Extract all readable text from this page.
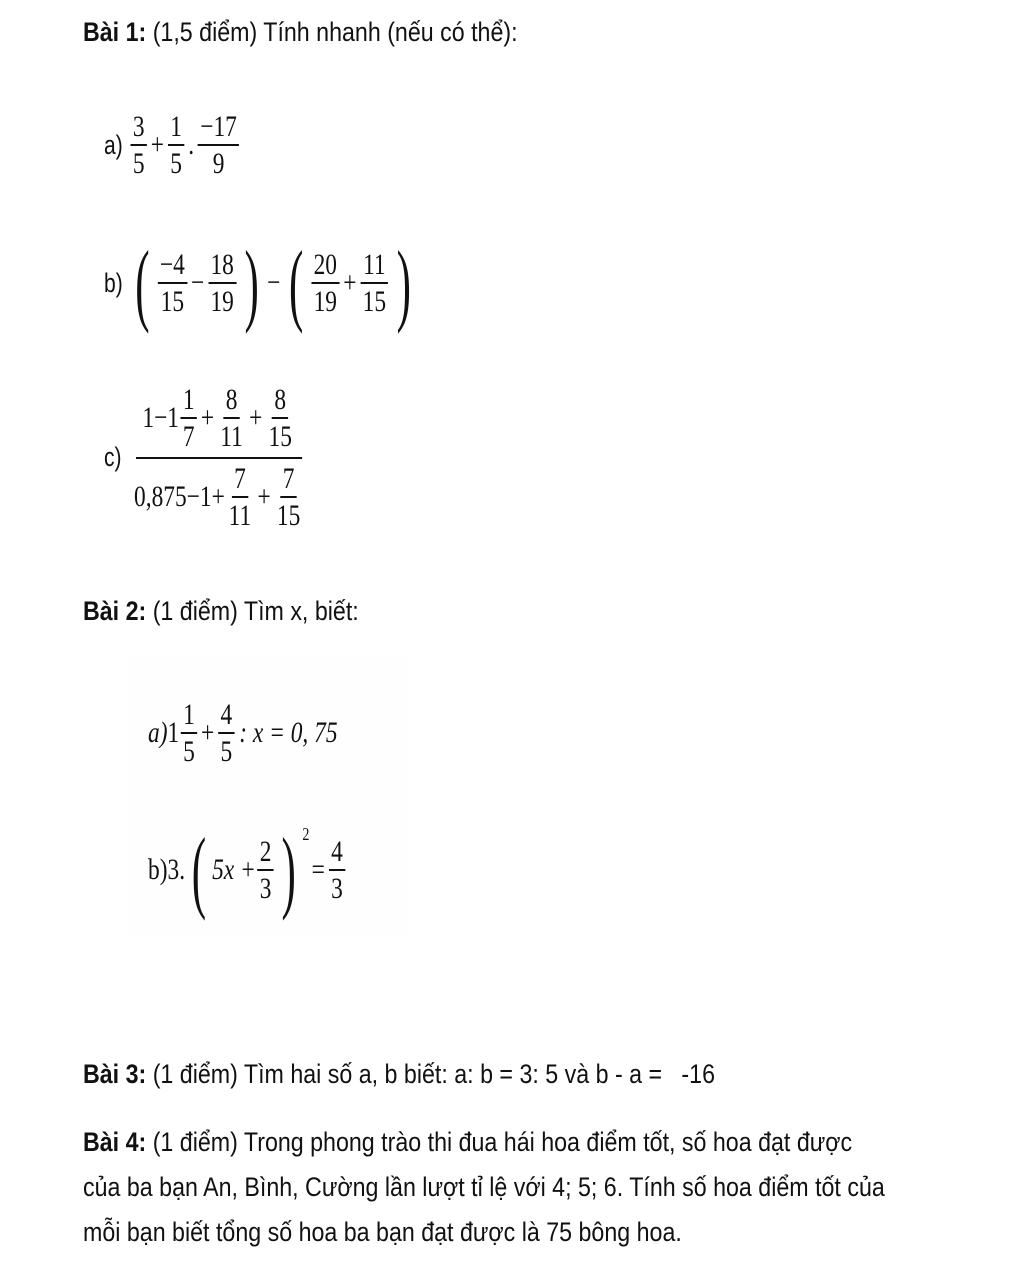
Bài 1: (1,5 điểm) Tính nhanh (nếu có thể):
$a) \frac{3}{5} + \frac{1}{5}$ . $\frac{-17}{9}$
b) ( $\frac{-4}{15} - \frac{18}{19}$ ) − ( $\frac{20}{19} + \frac{11}{15}$ )
$c) \frac{1-1 \frac{1}{7} + \frac{8}{11} + \frac{8}{15}}{0,875-1+ \frac{7}{11} + \frac{7}{15}}$
Bài 2: (1 điểm) Tìm x, biết:
a) $1 \frac{1}{5} + \frac{4}{5}$ : x = 0, 75
b)3. ( $5x + \frac{2}{3}$ ) 2
= $\frac{4}{3}$
Bài 3: (1 điểm) Tìm hai số a, b biết: a: b = 3: 5 và b - a =   -16
Bài 4: (1 điểm) Trong phong trào thi đua hái hoa điểm tốt, số hoa đạt được
của ba bạn An, Bình, Cường lần lượt tỉ lệ với 4; 5; 6. Tính số hoa điểm tốt của
mỗi bạn biết tổng số hoa ba bạn đạt được là 75 bông hoa.
